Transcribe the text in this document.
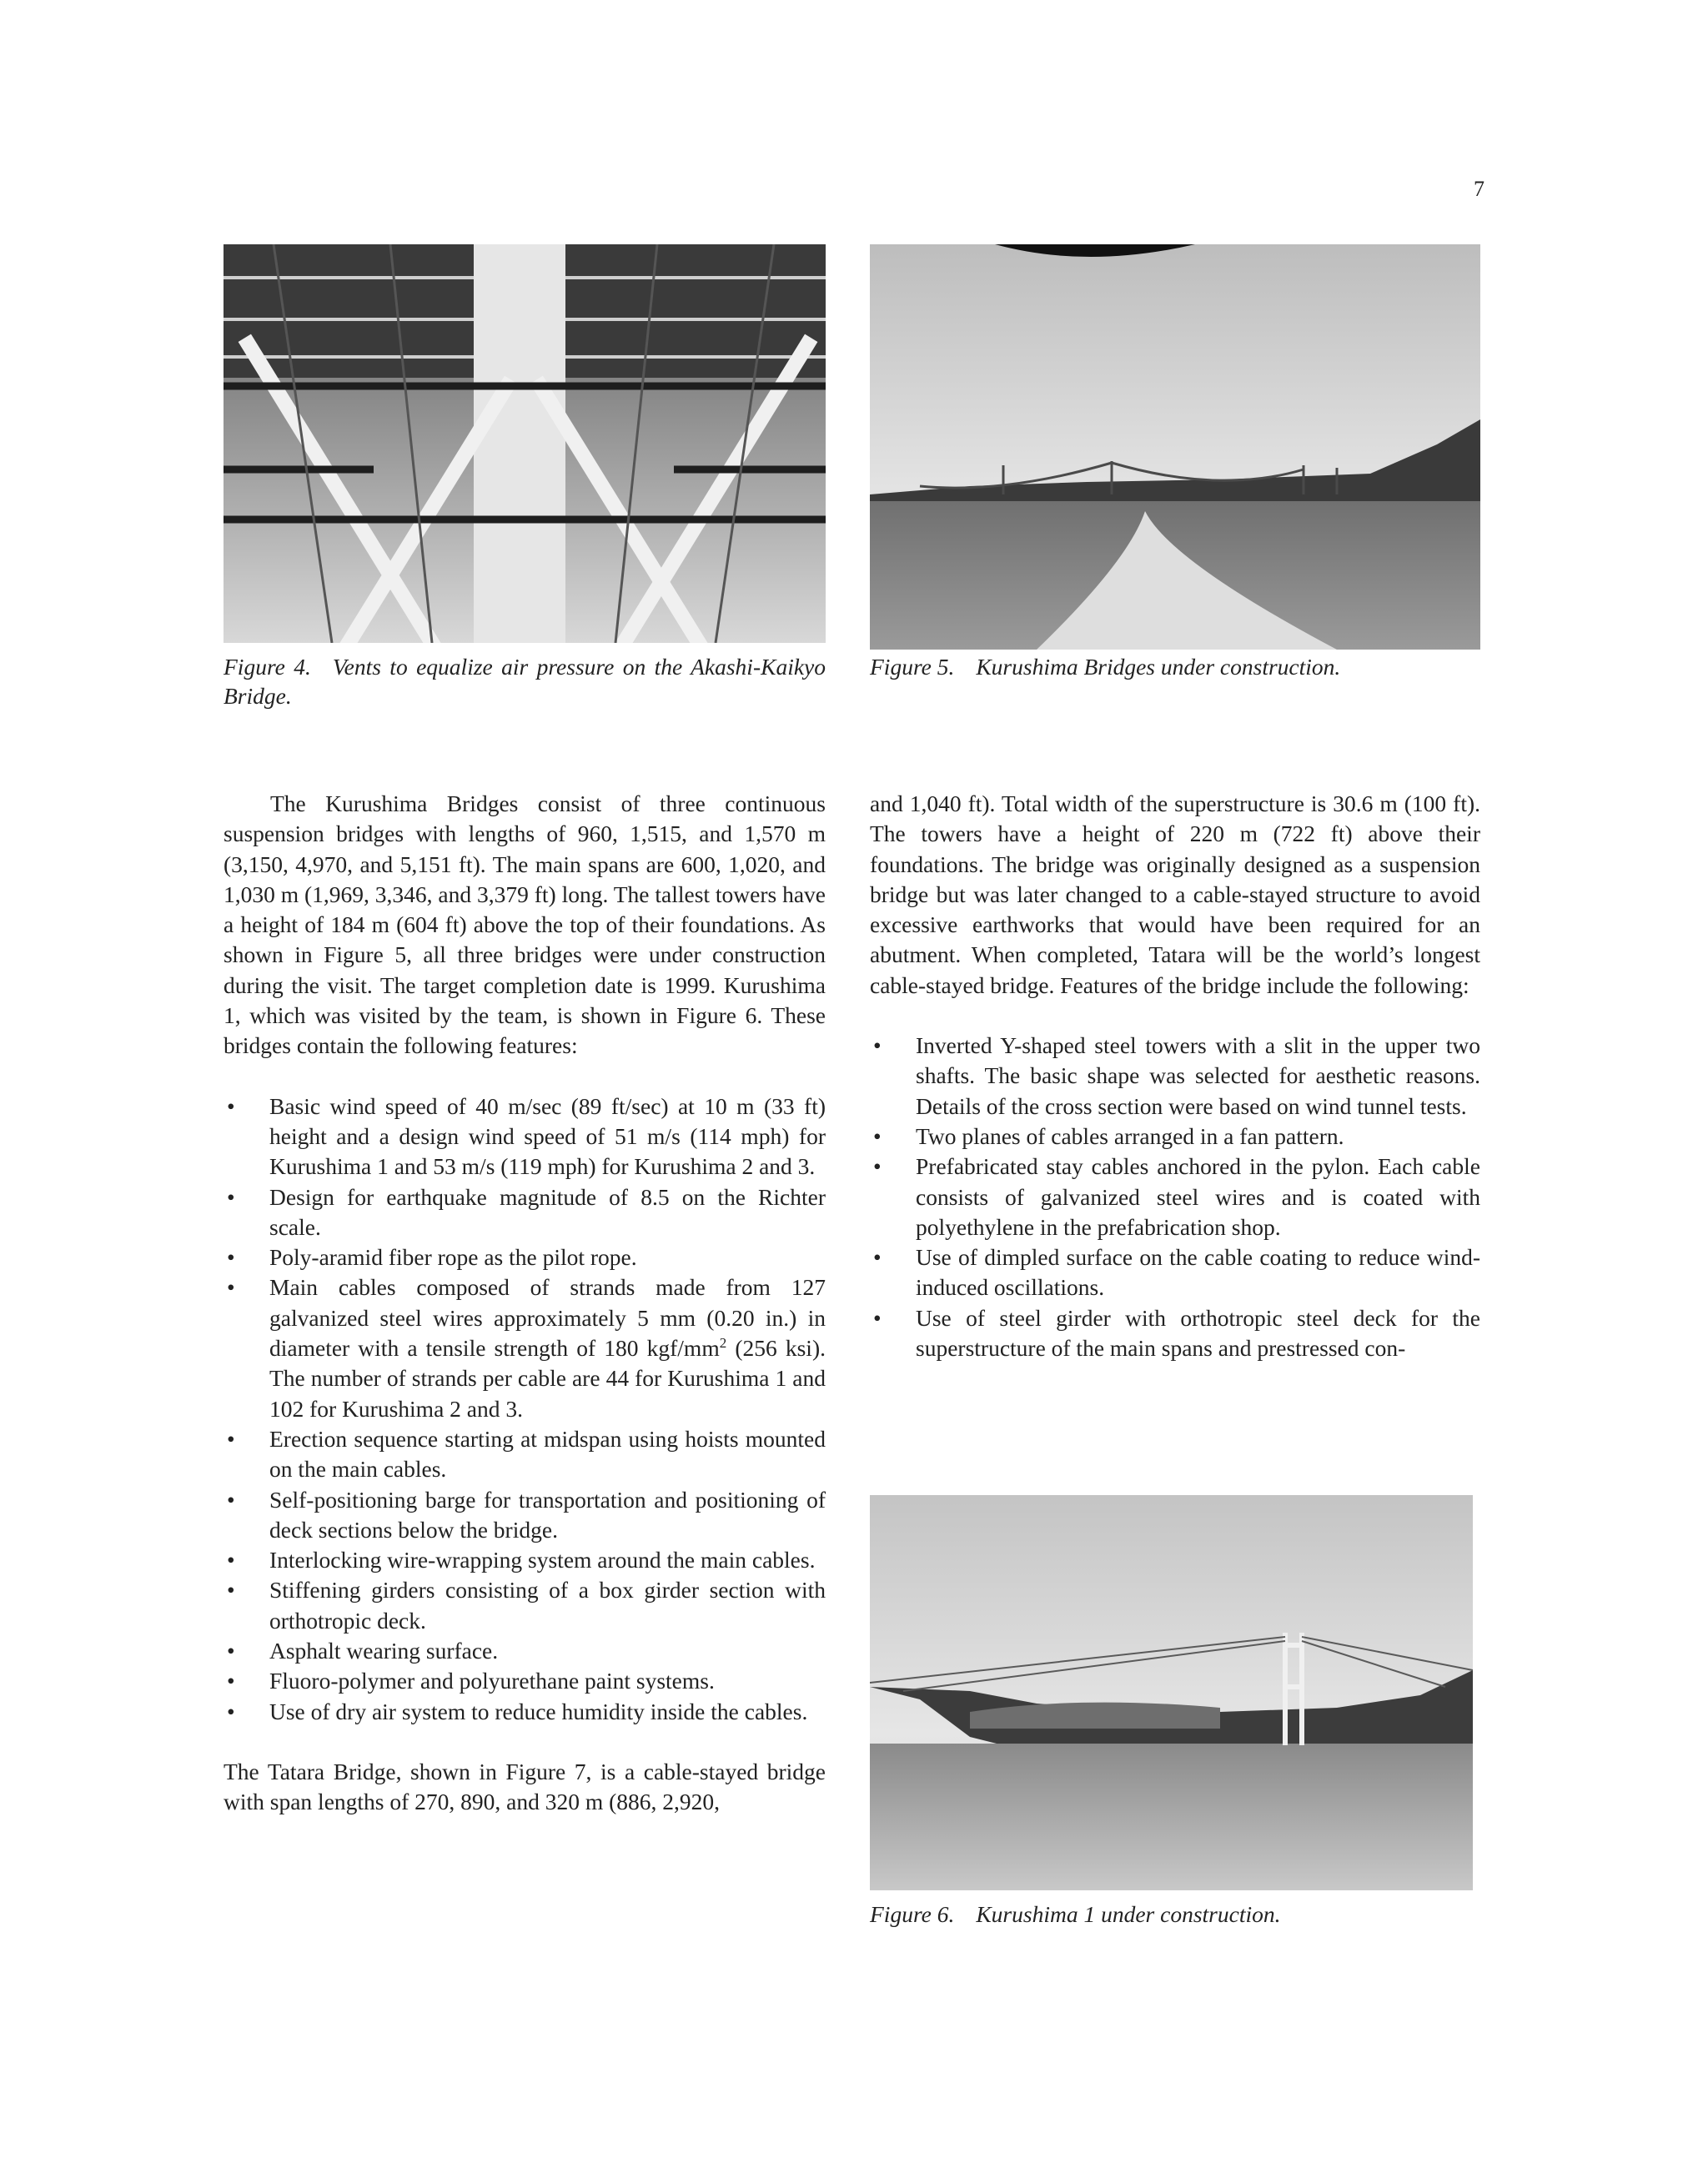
7
Figure 4. Vents to equalize air pressure on the Akashi-Kaikyo Bridge.
Figure 5. Kurushima Bridges under construction.

The Kurushima Bridges consist of three continuous suspension bridges with lengths of 960, 1,515, and 1,570 m (3,150, 4,970, and 5,151 ft). The main spans are 600, 1,020, and 1,030 m (1,969, 3,346, and 3,379 ft) long. The tallest towers have a height of 184 m (604 ft) above the top of their foundations. As shown in Figure 5, all three bridges were under construction during the visit. The target completion date is 1999. Kurushima 1, which was visited by the team, is shown in Figure 6. These bridges contain the following features:

• Basic wind speed of 40 m/sec (89 ft/sec) at 10 m (33 ft) height and a design wind speed of 51 m/s (114 mph) for Kurushima 1 and 53 m/s (119 mph) for Kurushima 2 and 3.
• Design for earthquake magnitude of 8.5 on the Richter scale.
• Poly-aramid fiber rope as the pilot rope.
• Main cables composed of strands made from 127 galvanized steel wires approximately 5 mm (0.20 in.) in diameter with a tensile strength of 180 kgf/$mm^2$ (256 ksi). The number of strands per cable are 44 for Kurushima 1 and 102 for Kurushima 2 and 3.
• Erection sequence starting at midspan using hoists mounted on the main cables.
• Self-positioning barge for transportation and positioning of deck sections below the bridge.
• Interlocking wire-wrapping system around the main cables.
• Stiffening girders consisting of a box girder section with orthotropic deck.
• Asphalt wearing surface.
• Fluoro-polymer and polyurethane paint systems.
• Use of dry air system to reduce humidity inside the cables.

The Tatara Bridge, shown in Figure 7, is a cable-stayed bridge with span lengths of 270, 890, and 320 m (886, 2,920,

and 1,040 ft). Total width of the superstructure is 30.6 m (100 ft). The towers have a height of 220 m (722 ft) above their foundations. The bridge was originally designed as a suspension bridge but was later changed to a cable-stayed structure to avoid excessive earthworks that would have been required for an abutment. When completed, Tatara will be the world’s longest cable-stayed bridge. Features of the bridge include the following:

• Inverted Y-shaped steel towers with a slit in the upper two shafts. The basic shape was selected for aesthetic reasons. Details of the cross section were based on wind tunnel tests.
• Two planes of cables arranged in a fan pattern.
• Prefabricated stay cables anchored in the pylon. Each cable consists of galvanized steel wires and is coated with polyethylene in the prefabrication shop.
• Use of dimpled surface on the cable coating to reduce wind-induced oscillations.
• Use of steel girder with orthotropic steel deck for the superstructure of the main spans and prestressed con-
Figure 6. Kurushima 1 under construction.
